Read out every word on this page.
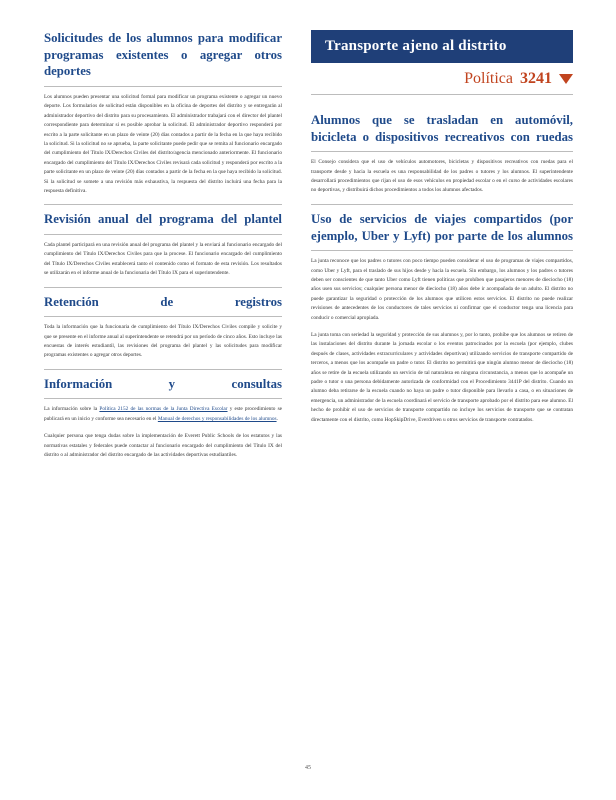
Solicitudes de los alumnos para modificar programas existentes o agregar otros deportes

Los alumnos pueden presentar una solicitud formal para modificar un programa existente o agregar un nuevo deporte. Los formularios de solicitud están disponibles en la oficina de deportes del distrito y se entregarán al administrador deportivo del distrito para su procesamiento. El administrador trabajará con el director del plantel correspondiente para determinar si es posible aprobar la solicitud. El administrador deportivo responderá por escrito a la parte solicitante en un plazo de veinte (20) días contados a partir de la fecha en la que haya recibido la solicitud. Si la solicitud no se aprueba, la parte solicitante puede pedir que se remita al funcionario encargado del cumplimiento del Título IX/Derechos Civiles del distrito/agencia mencionado anteriormente. El funcionario encargado del cumplimiento del Título IX/Derechos Civiles revisará cada solicitud y responderá por escrito a la parte solicitante en un plazo de veinte (20) días contados a partir de la fecha en la que haya recibido la solicitud. Si la solicitud se somete a una revisión más exhaustiva, la respuesta del distrito incluirá una fecha para la respuesta definitiva.

Revisión anual del programa del plantel

Cada plantel participará en una revisión anual del programa del plantel y la enviará al funcionario encargado del cumplimiento del Título IX/Derechos Civiles para que la procese. El funcionario encargado del cumplimiento del Título IX/Derechos Civiles establecerá tanto el contenido como el formato de esta revisión. Los resultados se utilizarán en el informe anual de la funcionaria del Título IX para el superintendente.

Retención de registros

Toda la información que la funcionaria de cumplimiento del Título IX/Derechos Civiles compile y solicite y que se presente en el informe anual al superintendente se retendrá por un período de cinco años. Esto incluye las encuestas de interés estudiantil, las revisiones del programa del plantel y las solicitudes para modificar programas existentes o agregar otros deportes.

Información y consultas

La información sobre la Política 2152 de las normas de la Junta Directiva Escolar y este procedimiento se publicará en un inicio y conforme sea necesario en el Manual de derechos y responsabilidades de los alumnos.

Cualquier persona que tenga dudas sobre la implementación de Everett Public Schools de los estatutos y las normativas estatales y federales puede contactar al funcionario encargado del cumplimiento del Título IX del distrito o al administrador del distrito encargado de las actividades deportivas estudiantiles.

Transporte ajeno al distrito
Política 3241
Alumnos que se trasladan en automóvil, bicicleta o dispositivos recreativos con ruedas

El Consejo considera que el uso de vehículos automotores, bicicletas y dispositivos recreativos con ruedas para el transporte desde y hacia la escuela es una responsabilidad de los padres o tutores y los alumnos. El superintendente desarrollará procedimientos que rijan el uso de esos vehículos en propiedad escolar o en el curso de actividades escolares no deportivas, y distribuirá dichos procedimientos a todos los alumnos afectados.

Uso de servicios de viajes compartidos (por ejemplo, Uber y Lyft) por parte de los alumnos

La junta reconoce que los padres o tutores con poco tiempo pueden considerar el uso de programas de viajes compartidos, como Uber y Lyft, para el traslado de sus hijos desde y hacia la escuela. Sin embargo, los alumnos y los padres o tutores deben ser conscientes de que tanto Uber como Lyft tienen políticas que prohíben que pasajeros menores de dieciocho (18) años usen sus servicios; cualquier persona menor de dieciocho (18) años debe ir acompañada de un adulto. El distrito no puede garantizar la seguridad o protección de los alumnos que utilicen estos servicios. El distrito no puede realizar revisiones de antecedentes de los conductores de tales servicios ni confirmar que el conductor tenga una licencia para conducir o comercial apropiada.

La junta toma con seriedad la seguridad y protección de sus alumnos y, por lo tanto, prohíbe que los alumnos se retiren de las instalaciones del distrito durante la jornada escolar o los eventos patrocinados por la escuela (por ejemplo, clubes después de clases, actividades extracurriculares y actividades deportivas) utilizando servicios de transporte compartido de terceros, a menos que los acompañe un padre o tutor. El distrito no permitirá que ningún alumno menor de dieciocho (18) años se retire de la escuela utilizando un servicio de tal naturaleza en ninguna circunstancia, a menos que lo acompañe un padre o tutor o una persona debidamente autorizada de conformidad con el Procedimiento 3441P del distrito. Cuando un alumno deba retirarse de la escuela cuando no haya un padre o tutor disponible para llevarlo a casa, o en situaciones de emergencia, un administrador de la escuela coordinará el servicio de transporte aprobado por el distrito para ese alumno. El hecho de prohibir el uso de servicios de transporte compartido no incluye los servicios de transporte que se contratan directamente con el distrito, como HopSkipDrive, Everdriven u otros servicios de transporte contratados.

45
